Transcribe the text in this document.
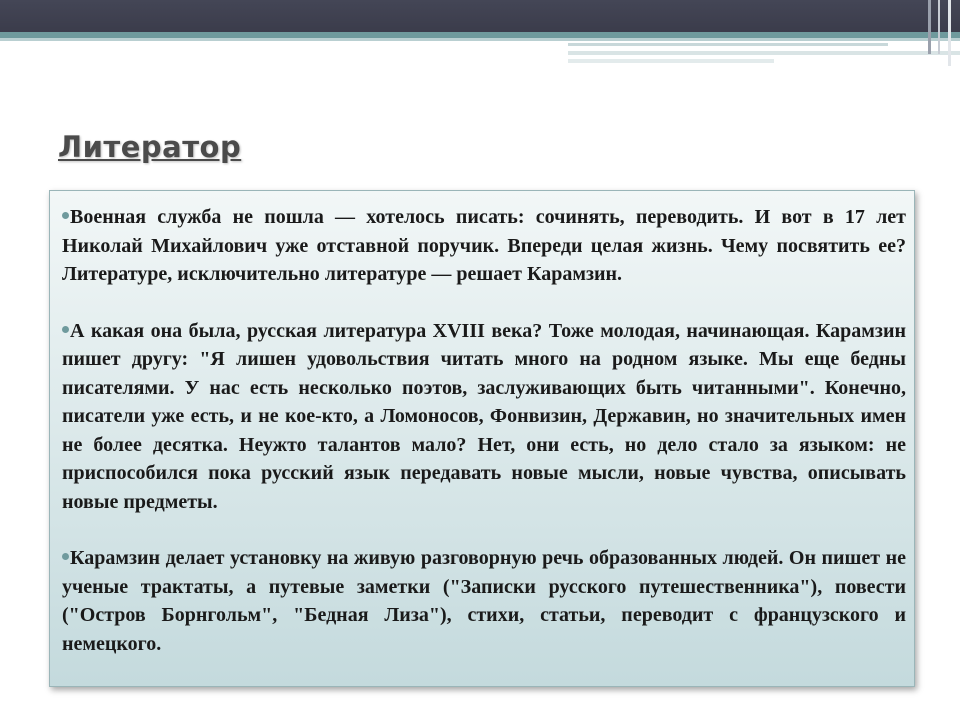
Литератор

Военная служба не пошла — хотелось писать: сочинять, переводить. И вот в 17 лет Николай Михайлович уже отставной поручик. Впереди целая жизнь. Чему посвятить ее? Литературе, исключительно литературе — решает Карамзин.

А какая она была, русская литература XVIII века? Тоже молодая, начинающая. Карамзин пишет другу: "Я лишен удовольствия читать много на родном языке. Мы еще бедны писателями. У нас есть несколько поэтов, заслуживающих быть читанными". Конечно, писатели уже есть, и не кое-кто, а Ломоносов, Фонвизин, Державин, но значительных имен не более десятка. Неужто талантов мало? Нет, они есть, но дело стало за языком: не приспособился пока русский язык передавать новые мысли, новые чувства, описывать новые предметы.

Карамзин делает установку на живую разговорную речь образованных людей. Он пишет не ученые трактаты, а путевые заметки ("Записки русского путешественника"), повести ("Остров Борнгольм", "Бедная Лиза"), стихи, статьи, переводит с французского и немецкого.
